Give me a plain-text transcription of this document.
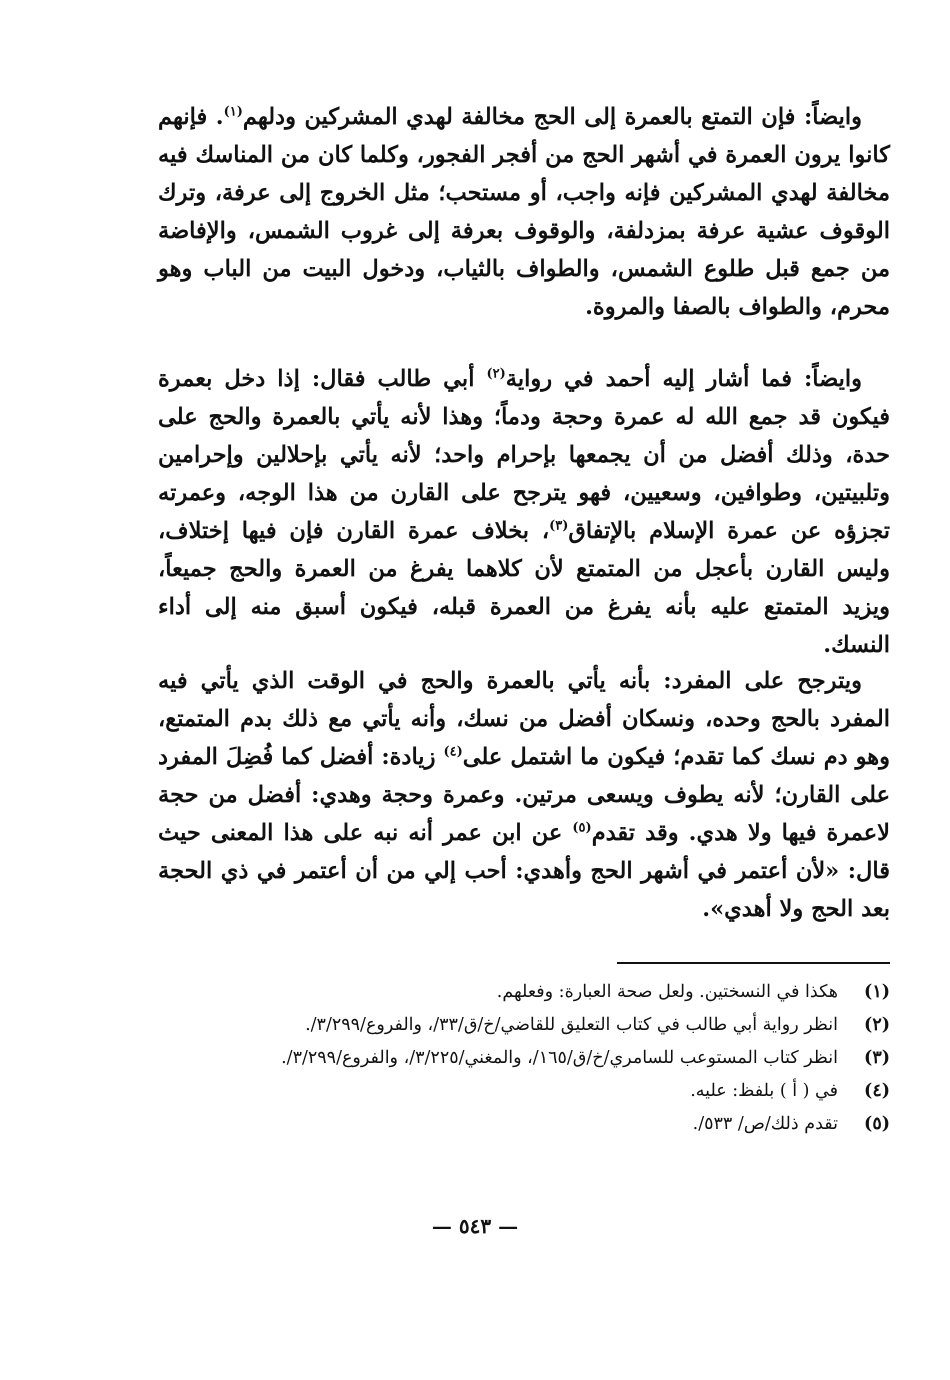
وايضاً: فإن التمتع بالعمرة إلى الحج مخالفة لهدي المشركين ودلهم$^{(١)}$. فإنهم كانوا يرون العمرة في أشهر الحج من أفجر الفجور، وكلما كان من المناسك فيه مخالفة لهدي المشركين فإنه واجب، أو مستحب؛ مثل الخروج إلى عرفة، وترك الوقوف عشية عرفة بمزدلفة، والوقوف بعرفة إلى غروب الشمس، والإفاضة من جمع قبل طلوع الشمس، والطواف بالثياب، ودخول البيت من الباب وهو محرم، والطواف بالصفا والمروة.

وايضاً: فما أشار إليه أحمد في رواية$^{(٢)}$ أبي طالب فقال: إذا دخل بعمرة فيكون قد جمع الله له عمرة وحجة ودماً؛ وهذا لأنه يأتي بالعمرة والحج على حدة، وذلك أفضل من أن يجمعها بإحرام واحد؛ لأنه يأتي بإحلالين وإحرامين وتلبيتين، وطوافين، وسعيين، فهو يترجح على القارن من هذا الوجه، وعمرته تجزؤه عن عمرة الإسلام بالإتفاق$^{(٣)}$، بخلاف عمرة القارن فإن فيها إختلاف، وليس القارن بأعجل من المتمتع لأن كلاهما يفرغ من العمرة والحج جميعاً، ويزيد المتمتع عليه بأنه يفرغ من العمرة قبله، فيكون أسبق منه إلى أداء النسك.

ويترجح على المفرد: بأنه يأتي بالعمرة والحج في الوقت الذي يأتي فيه المفرد بالحج وحده، ونسكان أفضل من نسك، وأنه يأتي مع ذلك بدم المتمتع، وهو دم نسك كما تقدم؛ فيكون ما اشتمل على$^{(٤)}$ زيادة: أفضل كما فُضِلَ المفرد على القارن؛ لأنه يطوف ويسعى مرتين. وعمرة وحجة وهدي: أفضل من حجة لاعمرة فيها ولا هدي. وقد تقدم$^{(٥)}$ عن ابن عمر أنه نبه على هذا المعنى حيث قال: «لأن أعتمر في أشهر الحج وأهدي: أحب إلي من أن أعتمر في ذي الحجة بعد الحج ولا أهدي».

(١)
هكذا في النسختين. ولعل صحة العبارة: وفعلهم.
(٢)
انظر رواية أبي طالب في كتاب التعليق للقاضي/خ/ق/٣٣/، والفروع/٣/٢٩٩/.
(٣)
انظر كتاب المستوعب للسامري/خ/ق/١٦٥/، والمغني/٣/٢٢٥/، والفروع/٣/٢٩٩/.
(٤)
في ( أ ) بلفظ: عليه.
(٥)
تقدم ذلك/ص/ ٥٣٣/.
— ٥٤٣ —
